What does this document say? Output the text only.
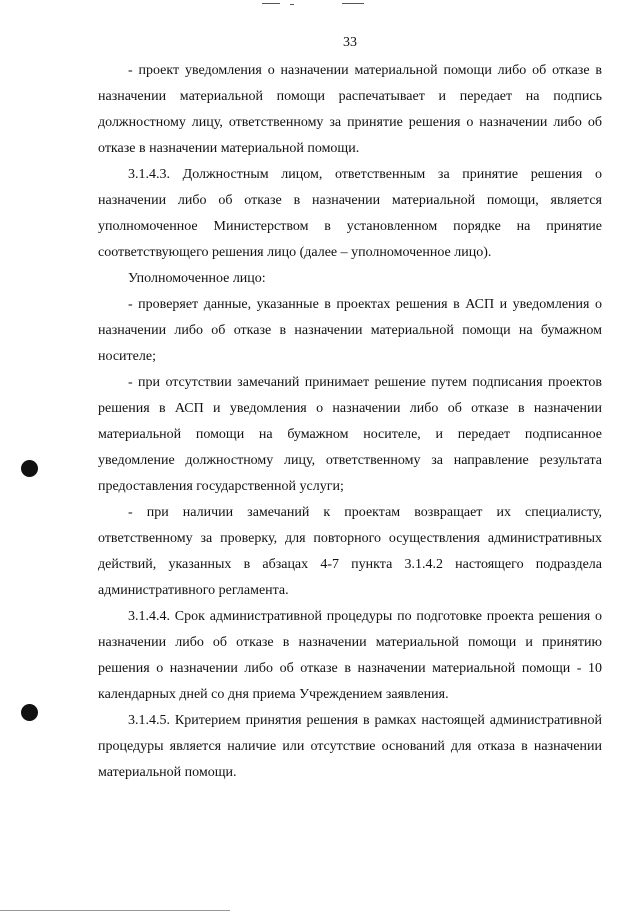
33

- проект уведомления о назначении материальной помощи либо об отказе в назначении материальной помощи распечатывает и передает на подпись должностному лицу, ответственному за принятие решения о назначении либо об отказе в назначении материальной помощи.

3.1.4.3. Должностным лицом, ответственным за принятие решения о назначении либо об отказе в назначении материальной помощи, является уполномоченное Министерством в установленном порядке на принятие соответствующего решения лицо (далее – уполномоченное лицо).

Уполномоченное лицо:

- проверяет данные, указанные в проектах решения в АСП и уведомления о назначении либо об отказе в назначении материальной помощи на бумажном носителе;

- при отсутствии замечаний принимает решение путем подписания проектов решения в АСП и уведомления о назначении либо об отказе в назначении материальной помощи на бумажном носителе, и передает подписанное уведомление должностному лицу, ответственному за направление результата предоставления государственной услуги;

- при наличии замечаний к проектам возвращает их специалисту, ответственному за проверку, для повторного осуществления административных действий, указанных в абзацах 4-7 пункта 3.1.4.2 настоящего подраздела административного регламента.

3.1.4.4. Срок административной процедуры по подготовке проекта решения о назначении либо об отказе в назначении материальной помощи и принятию решения о назначении либо об отказе в назначении материальной помощи - 10 календарных дней со дня приема Учреждением заявления.

3.1.4.5. Критерием принятия решения в рамках настоящей административной процедуры является наличие или отсутствие оснований для отказа в назначении материальной помощи.
